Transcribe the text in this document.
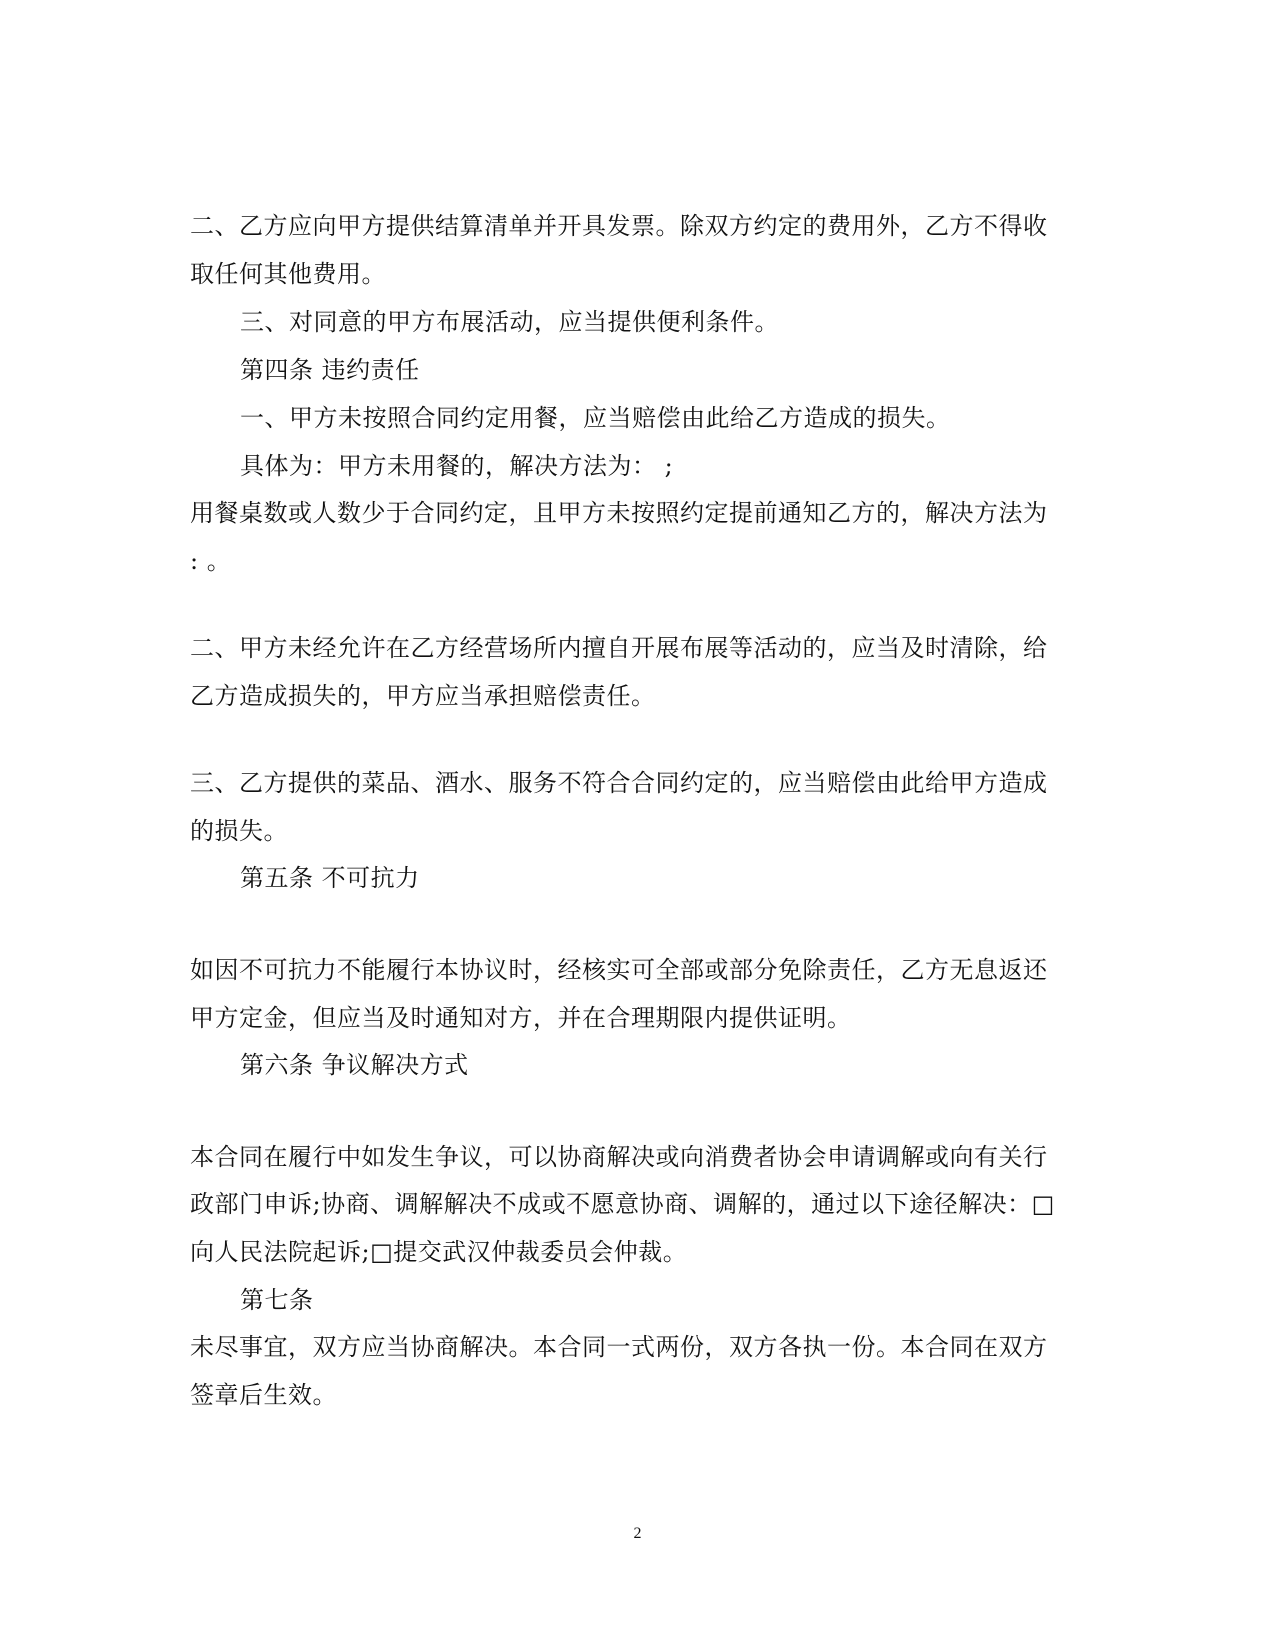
二、乙方应向甲方提供结算清单并开具发票。除双方约定的费用外，乙方不得收
取任何其他费用。
三、对同意的甲方布展活动，应当提供便利条件。
第四条 违约责任
一、甲方未按照合同约定用餐，应当赔偿由此给乙方造成的损失。
具体为：甲方未用餐的，解决方法为： ;
用餐桌数或人数少于合同约定，且甲方未按照约定提前通知乙方的，解决方法为
: 。
二、甲方未经允许在乙方经营场所内擅自开展布展等活动的，应当及时清除，给
乙方造成损失的，甲方应当承担赔偿责任。
三、乙方提供的菜品、酒水、服务不符合合同约定的，应当赔偿由此给甲方造成
的损失。
第五条 不可抗力
如因不可抗力不能履行本协议时，经核实可全部或部分免除责任，乙方无息返还
甲方定金，但应当及时通知对方，并在合理期限内提供证明。
第六条 争议解决方式
本合同在履行中如发生争议，可以协商解决或向消费者协会申请调解或向有关行
政部门申诉;协商、调解解决不成或不愿意协商、调解的，通过以下途径解决：□
向人民法院起诉;□提交武汉仲裁委员会仲裁。
第七条
未尽事宜，双方应当协商解决。本合同一式两份，双方各执一份。本合同在双方
签章后生效。
2
